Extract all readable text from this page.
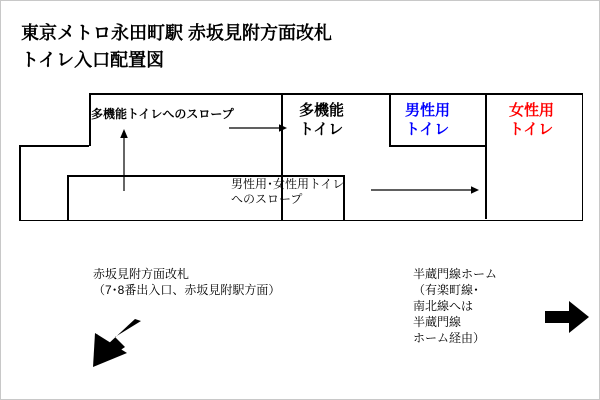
東京メトロ永田町駅 赤坂見附方面改札
トイレ入口配置図
多機能
トイレ
男性用
トイレ
女性用
トイレ
多機能トイレへのスロープ
男性用･女性用トイレ
へのスロープ
赤坂見附方面改札
（7･8番出入口、赤坂見附駅方面）
半蔵門線ホーム
（有楽町線･
南北線へは
半蔵門線
ホーム経由）
